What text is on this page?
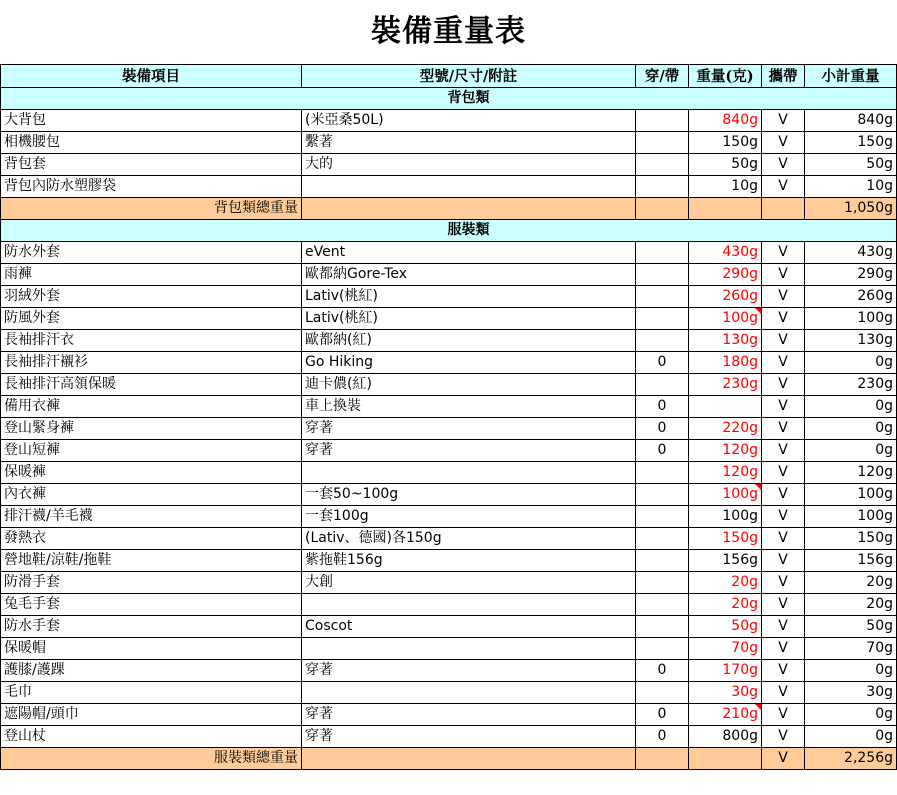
裝備重量表
裝備項目	型號/尺寸/附註	穿/帶	重量(克)	攜帶	小計重量
	背包類				
大背包	(米亞桑50L)		840g	V	840g
相機腰包	繫著		150g	V	150g
背包套	大的		50g	V	50g
背包內防水塑膠袋			10g	V	10g
背包類總重量					1,050g
	服裝類				
防水外套	eVent		430g	V	430g
雨褲	歐都納Gore-Tex		290g	V	290g
羽絨外套	Lativ(桃紅)		260g	V	260g
防風外套	Lativ(桃紅)		100g	V	100g
長袖排汗衣	歐都納(紅)		130g	V	130g
長袖排汗襯衫	Go Hiking	0	180g	V	0g
長袖排汗高領保暖	迪卡儂(紅)		230g	V	230g
備用衣褲	車上換裝	0		V	0g
登山緊身褲	穿著	0	220g	V	0g
登山短褲	穿著	0	120g	V	0g
保暖褲			120g	V	120g
內衣褲	一套50~100g		100g	V	100g
排汗襪/羊毛襪	一套100g		100g	V	100g
發熱衣	(Lativ、德國)各150g		150g	V	150g
營地鞋/涼鞋/拖鞋	紫拖鞋156g		156g	V	156g
防滑手套	大創		20g	V	20g
兔毛手套			20g	V	20g
防水手套	Coscot		50g	V	50g
保暖帽			70g	V	70g
護膝/護踝	穿著	0	170g	V	0g
毛巾			30g	V	30g
遮陽帽/頭巾	穿著	0	210g	V	0g
登山杖	穿著	0	800g	V	0g
服裝類總重量				V	2,256g
